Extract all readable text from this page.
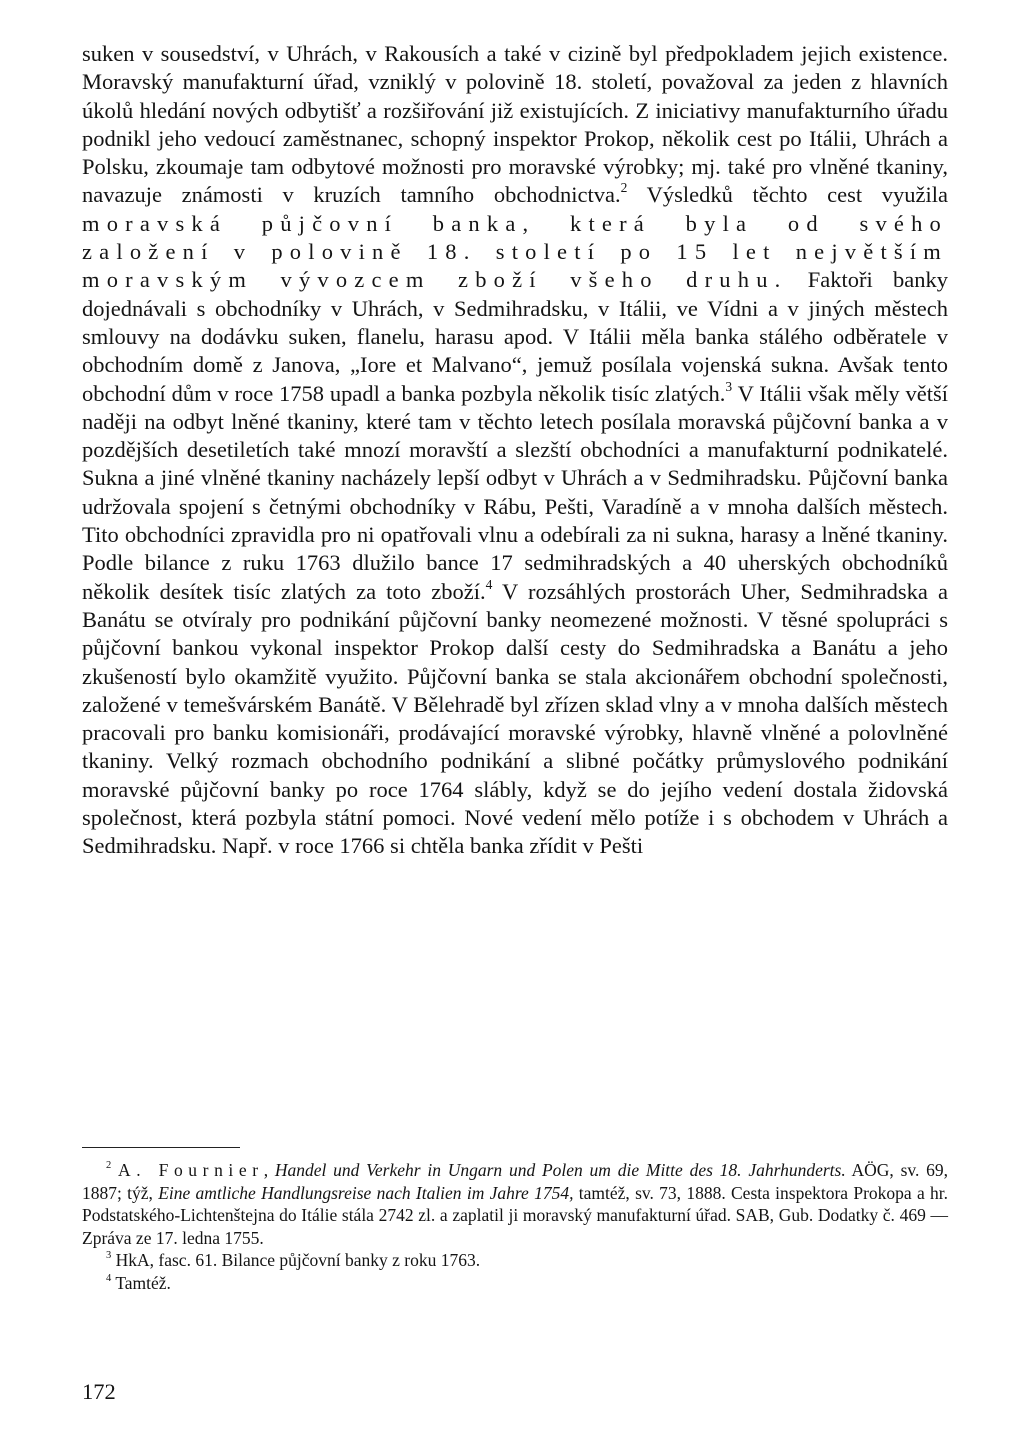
suken v sousedství, v Uhrách, v Rakousích a také v cizině byl předpokladem jejich existence. Moravský manufakturní úřad, vzniklý v polovině 18. století, považoval za jeden z hlavních úkolů hledání nových odbytišť a rozšiřování již existujících. Z iniciativy manufakturního úřadu podnikl jeho vedoucí zaměstnanec, schopný inspektor Prokop, několik cest po Itálii, Uhrách a Polsku, zkoumaje tam odbytové možnosti pro moravské výrobky; mj. také pro vlněné tkaniny, navazuje známosti v kruzích tamního obchodnictva.$^2$ Výsledků těchto cest využila moravská půjčovní banka, která byla od svého založení v polovině 18. století po 15 let největším moravským vývozcem zboží všeho druhu. Faktoři banky dojednávali s obchodníky v Uhrách, v Sedmihradsku, v Itálii, ve Vídni a v jiných městech smlouvy na dodávku suken, flanelu, harasu apod. V Itálii měla banka stálého odběratele v obchodním domě z Janova, „Iore et Malvano“, jemuž posílala vojenská sukna. Avšak tento obchodní dům v roce 1758 upadl a banka pozbyla několik tisíc zlatých.$^3$ V Itálii však měly větší naději na odbyt lněné tkaniny, které tam v těchto letech posílala moravská půjčovní banka a v pozdějších desetiletích také mnozí moravští a slezští obchodníci a manufakturní podnikatelé. Sukna a jiné vlněné tkaniny nacházely lepší odbyt v Uhrách a v Sedmihradsku. Půjčovní banka udržovala spojení s četnými obchodníky v Rábu, Pešti, Varadíně a v mnoha dalších městech. Tito obchodníci zpravidla pro ni opatřovali vlnu a odebírali za ni sukna, harasy a lněné tkaniny. Podle bilance z ruku 1763 dlužilo bance 17 sedmihradských a 40 uherských obchodníků několik desítek tisíc zlatých za toto zboží.$^4$ V rozsáhlých prostorách Uher, Sedmihradska a Banátu se otvíraly pro podnikání půjčovní banky neomezené možnosti. V těsné spolupráci s půjčovní bankou vykonal inspektor Prokop další cesty do Sedmihradska a Banátu a jeho zkušeností bylo okamžitě využito. Půjčovní banka se stala akcionářem obchodní společnosti, založené v temešvárském Banátě. V Bělehradě byl zřízen sklad vlny a v mnoha dalších městech pracovali pro banku komisionáři, prodávající moravské výrobky, hlavně vlněné a polovlněné tkaniny. Velký rozmach obchodního podnikání a slibné počátky průmyslového podnikání moravské půjčovní banky po roce 1764 slábly, když se do jejího vedení dostala židovská společnost, která pozbyla státní pomoci. Nové vedení mělo potíže i s obchodem v Uhrách a Sedmihradsku. Např. v roce 1766 si chtěla banka zřídit v Pešti

$^2$ A. Fournier, Handel und Verkehr in Ungarn und Polen um die Mitte des 18. Jahrhunderts. AÖG, sv. 69, 1887; týž, Eine amtliche Handlungsreise nach Italien im Jahre 1754, tamtéž, sv. 73, 1888. Cesta inspektora Prokopa a hr. Podstatského-Lichtenštejna do Itálie stála 2742 zl. a zaplatil ji moravský manufakturní úřad. SAB, Gub. Dodatky č. 469 — Zpráva ze 17. ledna 1755.

$^3$ HkA, fasc. 61. Bilance půjčovní banky z roku 1763.

$^4$ Tamtéž.

172
